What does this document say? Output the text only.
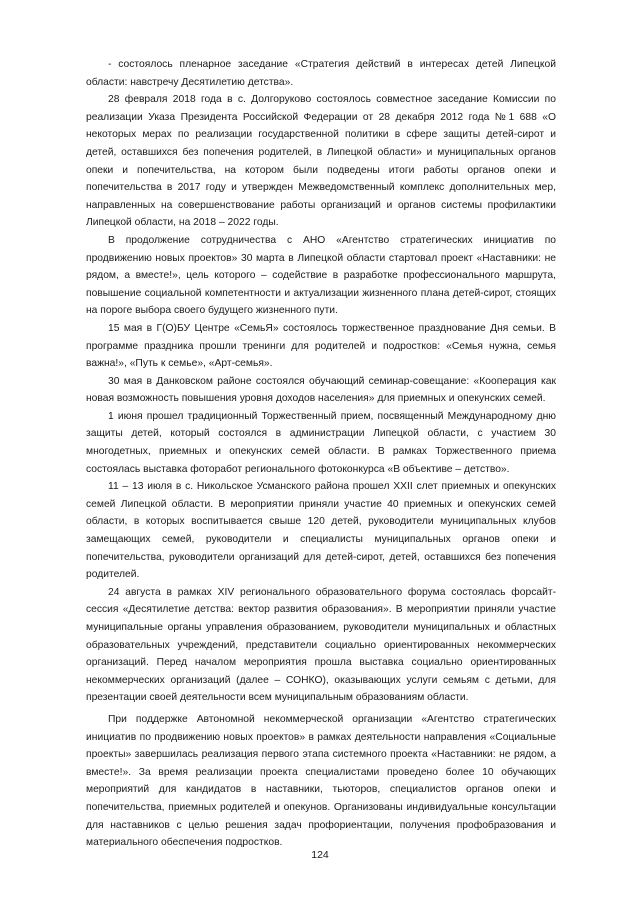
- состоялось пленарное заседание «Стратегия действий в интересах детей Липецкой области: навстречу Десятилетию детства».

28 февраля 2018 года в с. Долгоруково состоялось совместное заседание Комиссии по реализации Указа Президента Российской Федерации от 28 декабря 2012 года №1 688 «О некоторых мерах по реализации государственной политики в сфере защиты детей-сирот и детей, оставшихся без попечения родителей, в Липецкой области» и муниципальных органов опеки и попечительства, на котором были подведены итоги работы органов опеки и попечительства в 2017 году и утвержден Межведомственный комплекс дополнительных мер, направленных на совершенствование работы организаций и органов системы профилактики Липецкой области, на 2018 – 2022 годы.

В продолжение сотрудничества с АНО «Агентство стратегических инициатив по продвижению новых проектов» 30 марта в Липецкой области стартовал проект «Наставники: не рядом, а вместе!», цель которого – содействие в разработке профессионального маршрута, повышение социальной компетентности и актуализации жизненного плана детей-сирот, стоящих на пороге выбора своего будущего жизненного пути.

15 мая в Г(О)БУ Центре «СемьЯ» состоялось торжественное празднование Дня семьи. В программе праздника прошли тренинги для родителей и подростков: «Семья нужна, семья важна!», «Путь к семье», «Арт-семья».

30 мая в Данковском районе состоялся обучающий семинар-совещание: «Кооперация как новая возможность повышения уровня доходов населения» для приемных и опекунских семей.

1 июня прошел традиционный Торжественный прием, посвященный Международному дню защиты детей, который состоялся в администрации Липецкой области, с участием 30 многодетных, приемных и опекунских семей области. В рамках Торжественного приема состоялась выставка фоторабот регионального фотоконкурса «В объективе – детство».

11 – 13 июля в с. Никольское Усманского района прошел XXII слет приемных и опекунских семей Липецкой области. В мероприятии приняли участие 40 приемных и опекунских семей области, в которых воспитывается свыше 120 детей, руководители муниципальных клубов замещающих семей, руководители и специалисты муниципальных органов опеки и попечительства, руководители организаций для детей-сирот, детей, оставшихся без попечения родителей.

24 августа в рамках XIV регионального образовательного форума состоялась форсайт-сессия «Десятилетие детства: вектор развития образования». В мероприятии приняли участие муниципальные органы управления образованием, руководители муниципальных и областных образовательных учреждений, представители социально ориентированных некоммерческих организаций. Перед началом мероприятия прошла выставка социально ориентированных некоммерческих организаций (далее – СОНКО), оказывающих услуги семьям с детьми, для презентации своей деятельности всем муниципальным образованиям области.

При поддержке Автономной некоммерческой организации «Агентство стратегических инициатив по продвижению новых проектов» в рамках деятельности направления «Социальные проекты» завершилась реализация первого этапа системного проекта «Наставники: не рядом, а вместе!». За время реализации проекта специалистами проведено более 10 обучающих мероприятий для кандидатов в наставники, тьюторов, специалистов органов опеки и попечительства, приемных родителей и опекунов. Организованы индивидуальные консультации для наставников с целью решения задач профориентации, получения профобразования и материального обеспечения подростков.

124
